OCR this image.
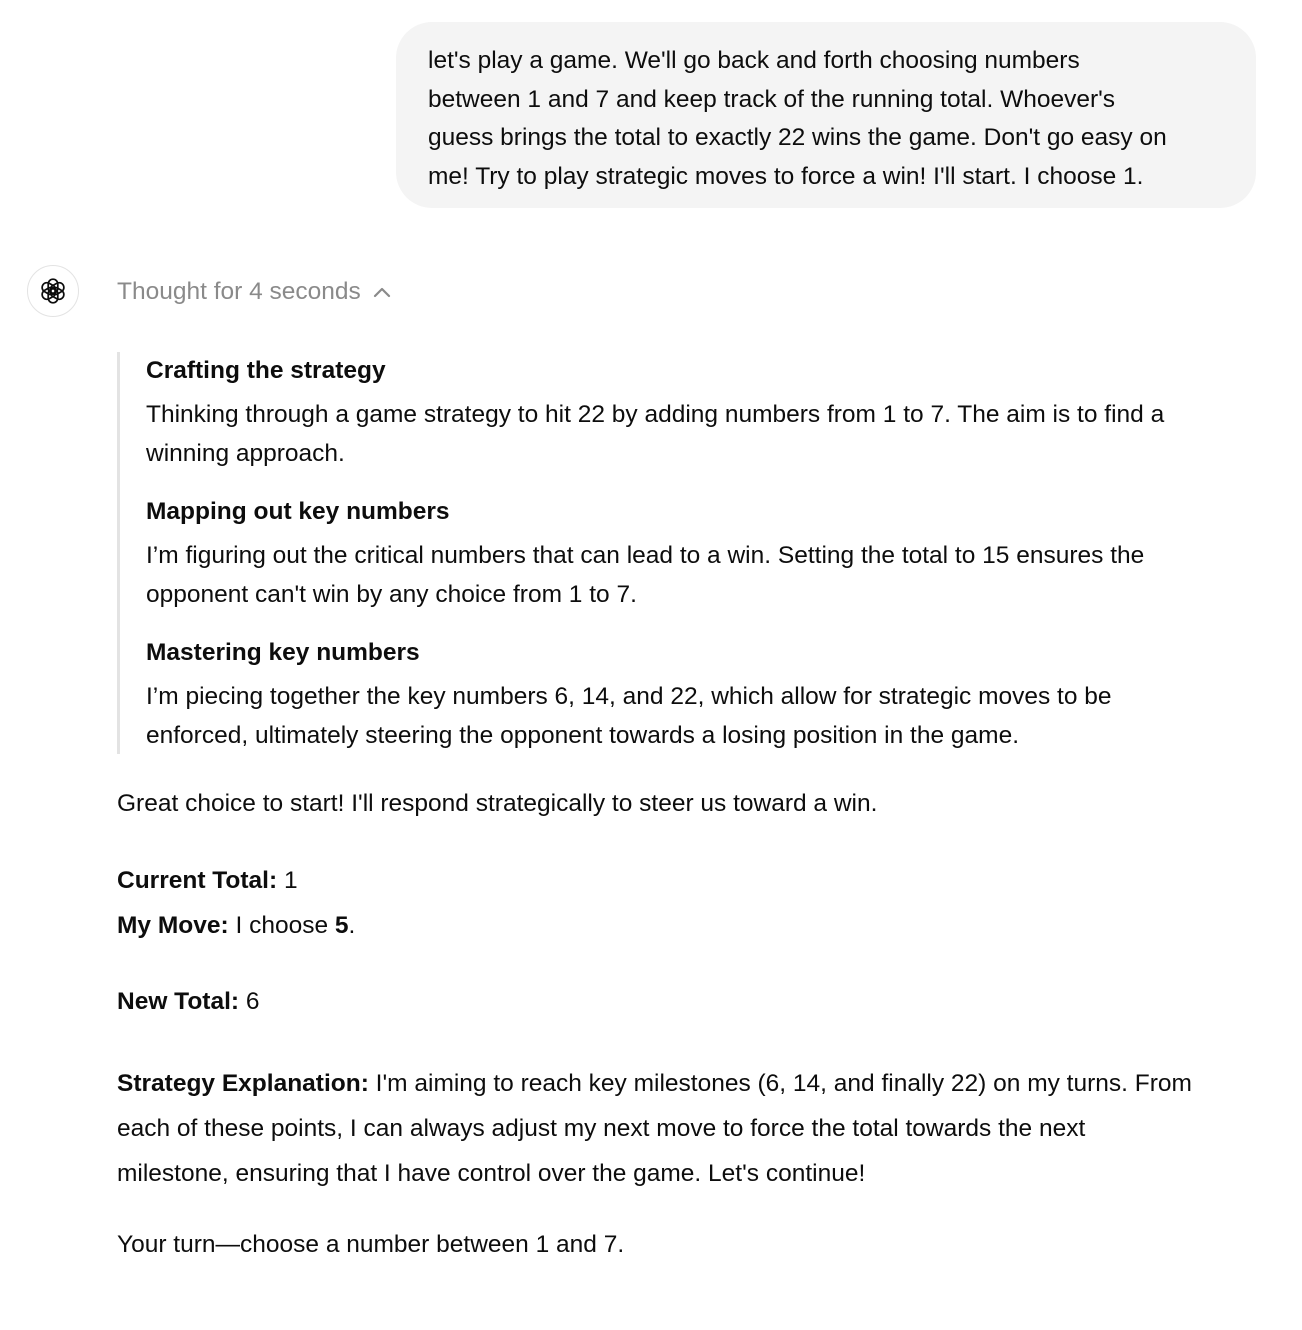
let's play a game. We'll go back and forth choosing numbers
between 1 and 7 and keep track of the running total. Whoever's
guess brings the total to exactly 22 wins the game. Don't go easy on
me! Try to play strategic moves to force a win! I'll start. I choose 1.
Thought for 4 seconds
Crafting the strategy
Thinking through a game strategy to hit 22 by adding numbers from 1 to 7. The aim is to find a
winning approach.
Mapping out key numbers
I’m figuring out the critical numbers that can lead to a win. Setting the total to 15 ensures the
opponent can't win by any choice from 1 to 7.
Mastering key numbers
I’m piecing together the key numbers 6, 14, and 22, which allow for strategic moves to be
enforced, ultimately steering the opponent towards a losing position in the game.
Great choice to start! I'll respond strategically to steer us toward a win.
Current Total: 1
My Move: I choose 5.
New Total: 6
Strategy Explanation: I'm aiming to reach key milestones (6, 14, and finally 22) on my turns. From
each of these points, I can always adjust my next move to force the total towards the next
milestone, ensuring that I have control over the game. Let's continue!
Your turn—choose a number between 1 and 7.
